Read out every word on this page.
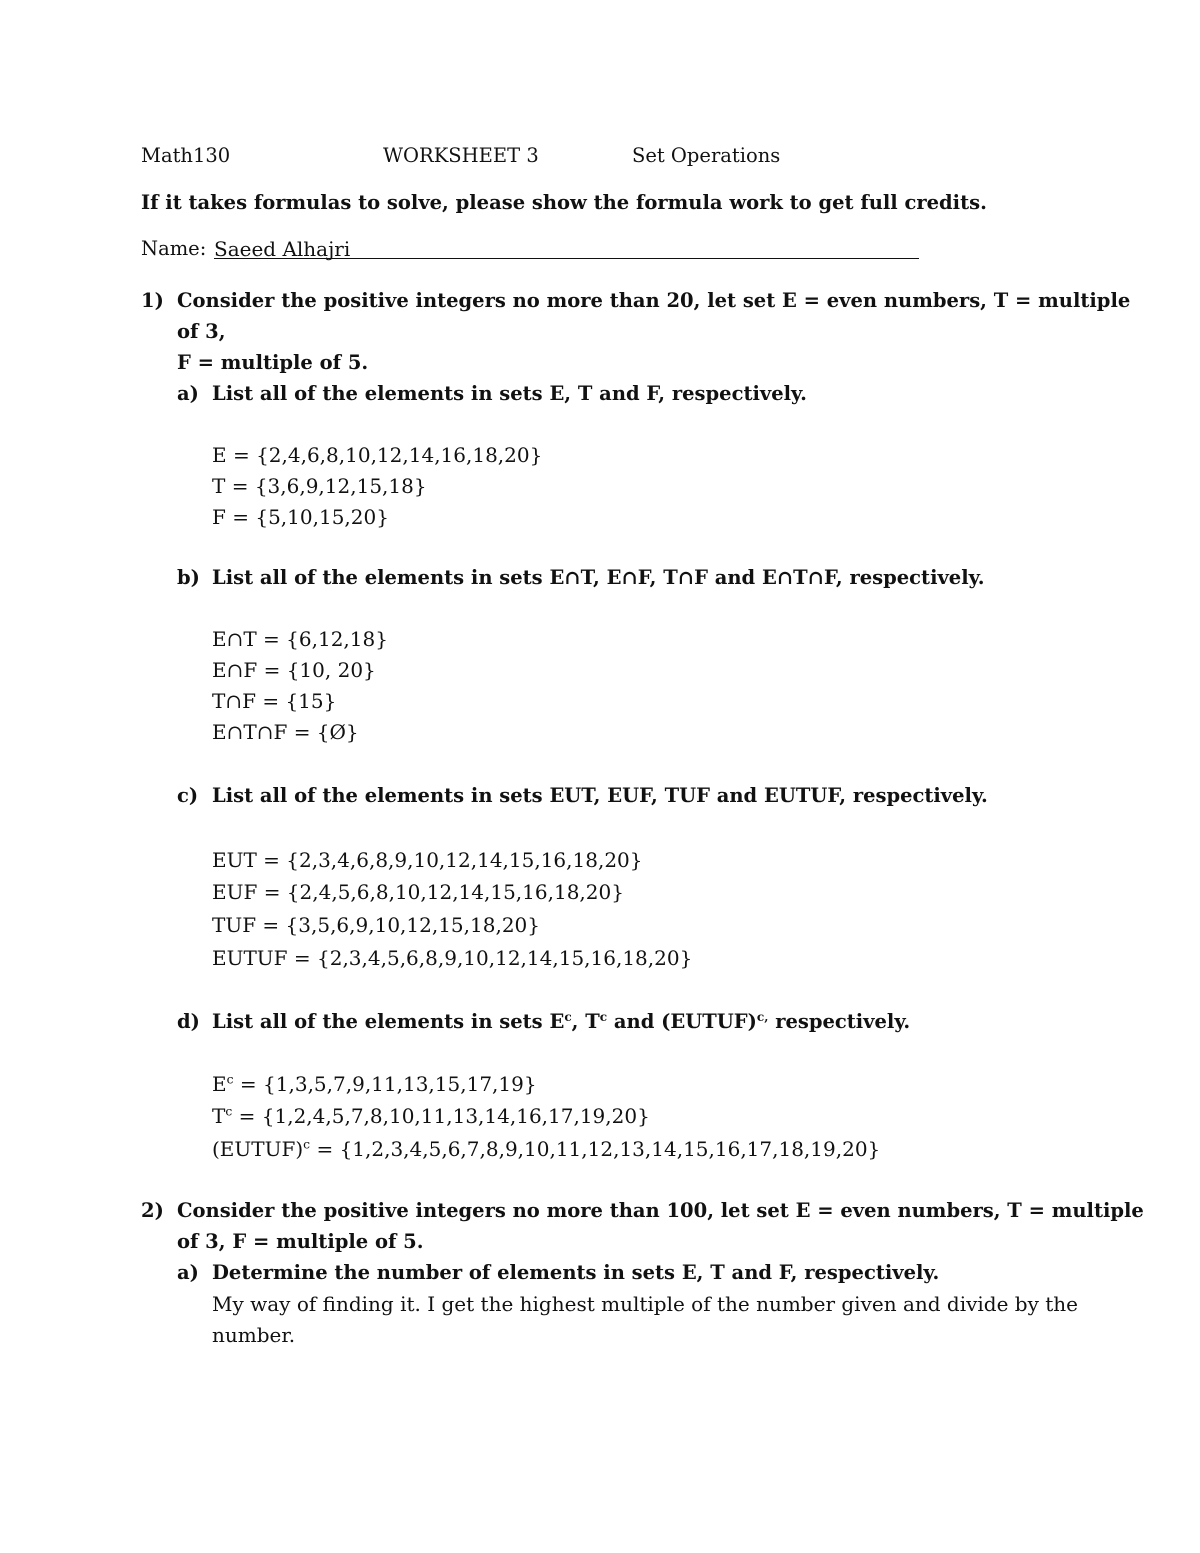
Math130	WORKSHEET 3	Set Operations
If it takes formulas to solve, please show the formula work to get full credits.
Name: Saeed Alhajri
1) Consider the positive integers no more than 20, let set E = even numbers, T = multiple
of 3,
F = multiple of 5.
a) List all of the elements in sets E, T and F, respectively.
E = {2,4,6,8,10,12,14,16,18,20}
T = {3,6,9,12,15,18}
F = {5,10,15,20}
b) List all of the elements in sets E∩T, E∩F, T∩F and E∩T∩F, respectively.
E∩T = {6,12,18}
E∩F = {10, 20}
T∩F = {15}
E∩T∩F = {Ø}
c) List all of the elements in sets EUT, EUF, TUF and EUTUF, respectively.
EUT = {2,3,4,6,8,9,10,12,14,15,16,18,20}
EUF = {2,4,5,6,8,10,12,14,15,16,18,20}
TUF = {3,5,6,9,10,12,15,18,20}
EUTUF = {2,3,4,5,6,8,9,10,12,14,15,16,18,20}
d) List all of the elements in sets $E^c$, $T^c$ and (EUTUF)$^{c,}$ respectively.
$E^c = \{1,3,5,7,9,11,13,15,17,19\}$
$T^c = \{1,2,4,5,7,8,10,11,13,14,16,17,19,20\}$
(EUTUF)$^c$ = {1,2,3,4,5,6,7,8,9,10,11,12,13,14,15,16,17,18,19,20}
2) Consider the positive integers no more than 100, let set E = even numbers, T = multiple
of 3, F = multiple of 5.
a) Determine the number of elements in sets E, T and F, respectively.
My way of finding it. I get the highest multiple of the number given and divide by the
number.
